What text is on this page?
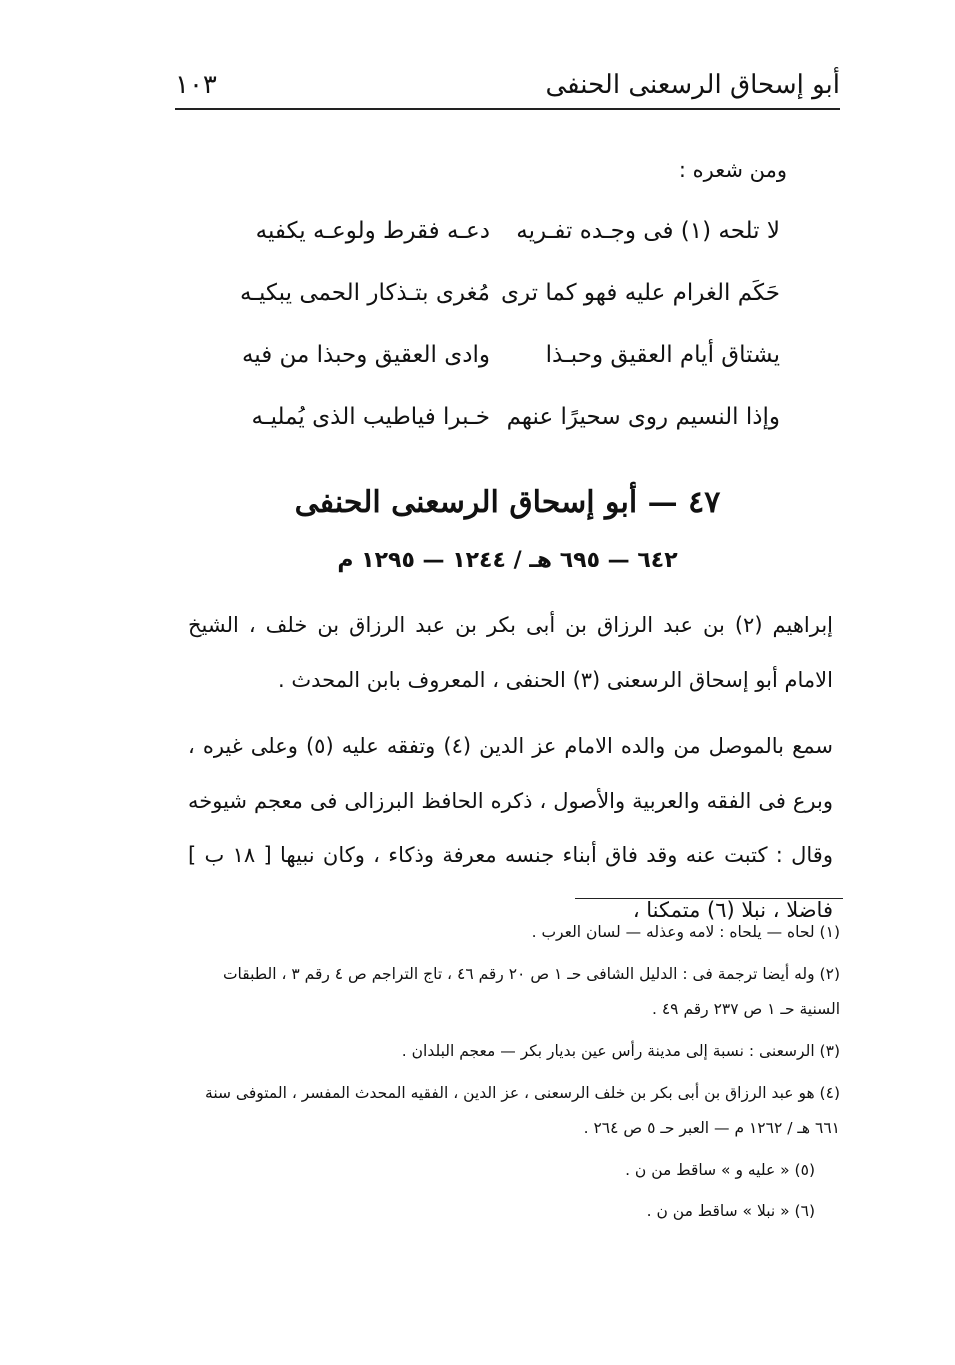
١٠٣	أبو إسحاق الرسعنى الحنفى
ومن شعره :
لا تلحه (١) فى وجـده تفـريه
دعـه فقرط ولوعـه يكفيه
حَكَم الغرام عليه فهو كما ترى
مُغرى بتـذكار الحمى يبكيـه
يشتاق أيام العقيق وحبـذا
وادى العقيق وحبذا من فيه
وإذا النسيم روى سحيرًا عنهم
خـبرا فياطيب الذى يُمليـه
٤٧ — أبو إسحاق الرسعنى الحنفى
٦٤٢ — ٦٩٥ هـ / ١٢٤٤ — ١٢٩٥ م

إبراهيم (٢) بن عبد الرزاق بن أبى بكر بن عبد الرزاق بن خلف ، الشيخ الامام أبو إسحاق الرسعنى (٣) الحنفى ، المعروف بابن المحدث .

سمع بالموصل من والده الامام عز الدين (٤) وتفقه عليه (٥) وعلى غيره ، وبرع فى الفقه والعربية والأصول ، ذكره الحافظ البرزالى فى معجم شيوخه وقال : كتبت عنه وقد فاق أبناء جنسه معرفة وذكاء ، وكان نبيها [ ١٨ ب ] فاضلا ، نبلا (٦) متمكنا ،

(١) لحاه — يلحاه : لامه وعذله — لسان العرب .
(٢) وله أيضا ترجمة فى : الدليل الشافى حـ ١ ص ٢٠ رقم ٤٦ ، تاج التراجم ص ٤ رقم ٣ ، الطبقات السنية حـ ١ ص ٢٣٧ رقم ٤٩ .
(٣) الرسعنى : نسبة إلى مدينة رأس عين بديار بكر — معجم البلدان .
(٤) هو عبد الرزاق بن أبى بكر بن خلف الرسعنى ، عز الدين ، الفقيه المحدث المفسر ، المتوفى سنة ٦٦١ هـ / ١٢٦٢ م — العبر حـ ٥ ص ٢٦٤ .
(٥) « عليه و » ساقط من ن .
(٦) « نبلا » ساقط من ن .
